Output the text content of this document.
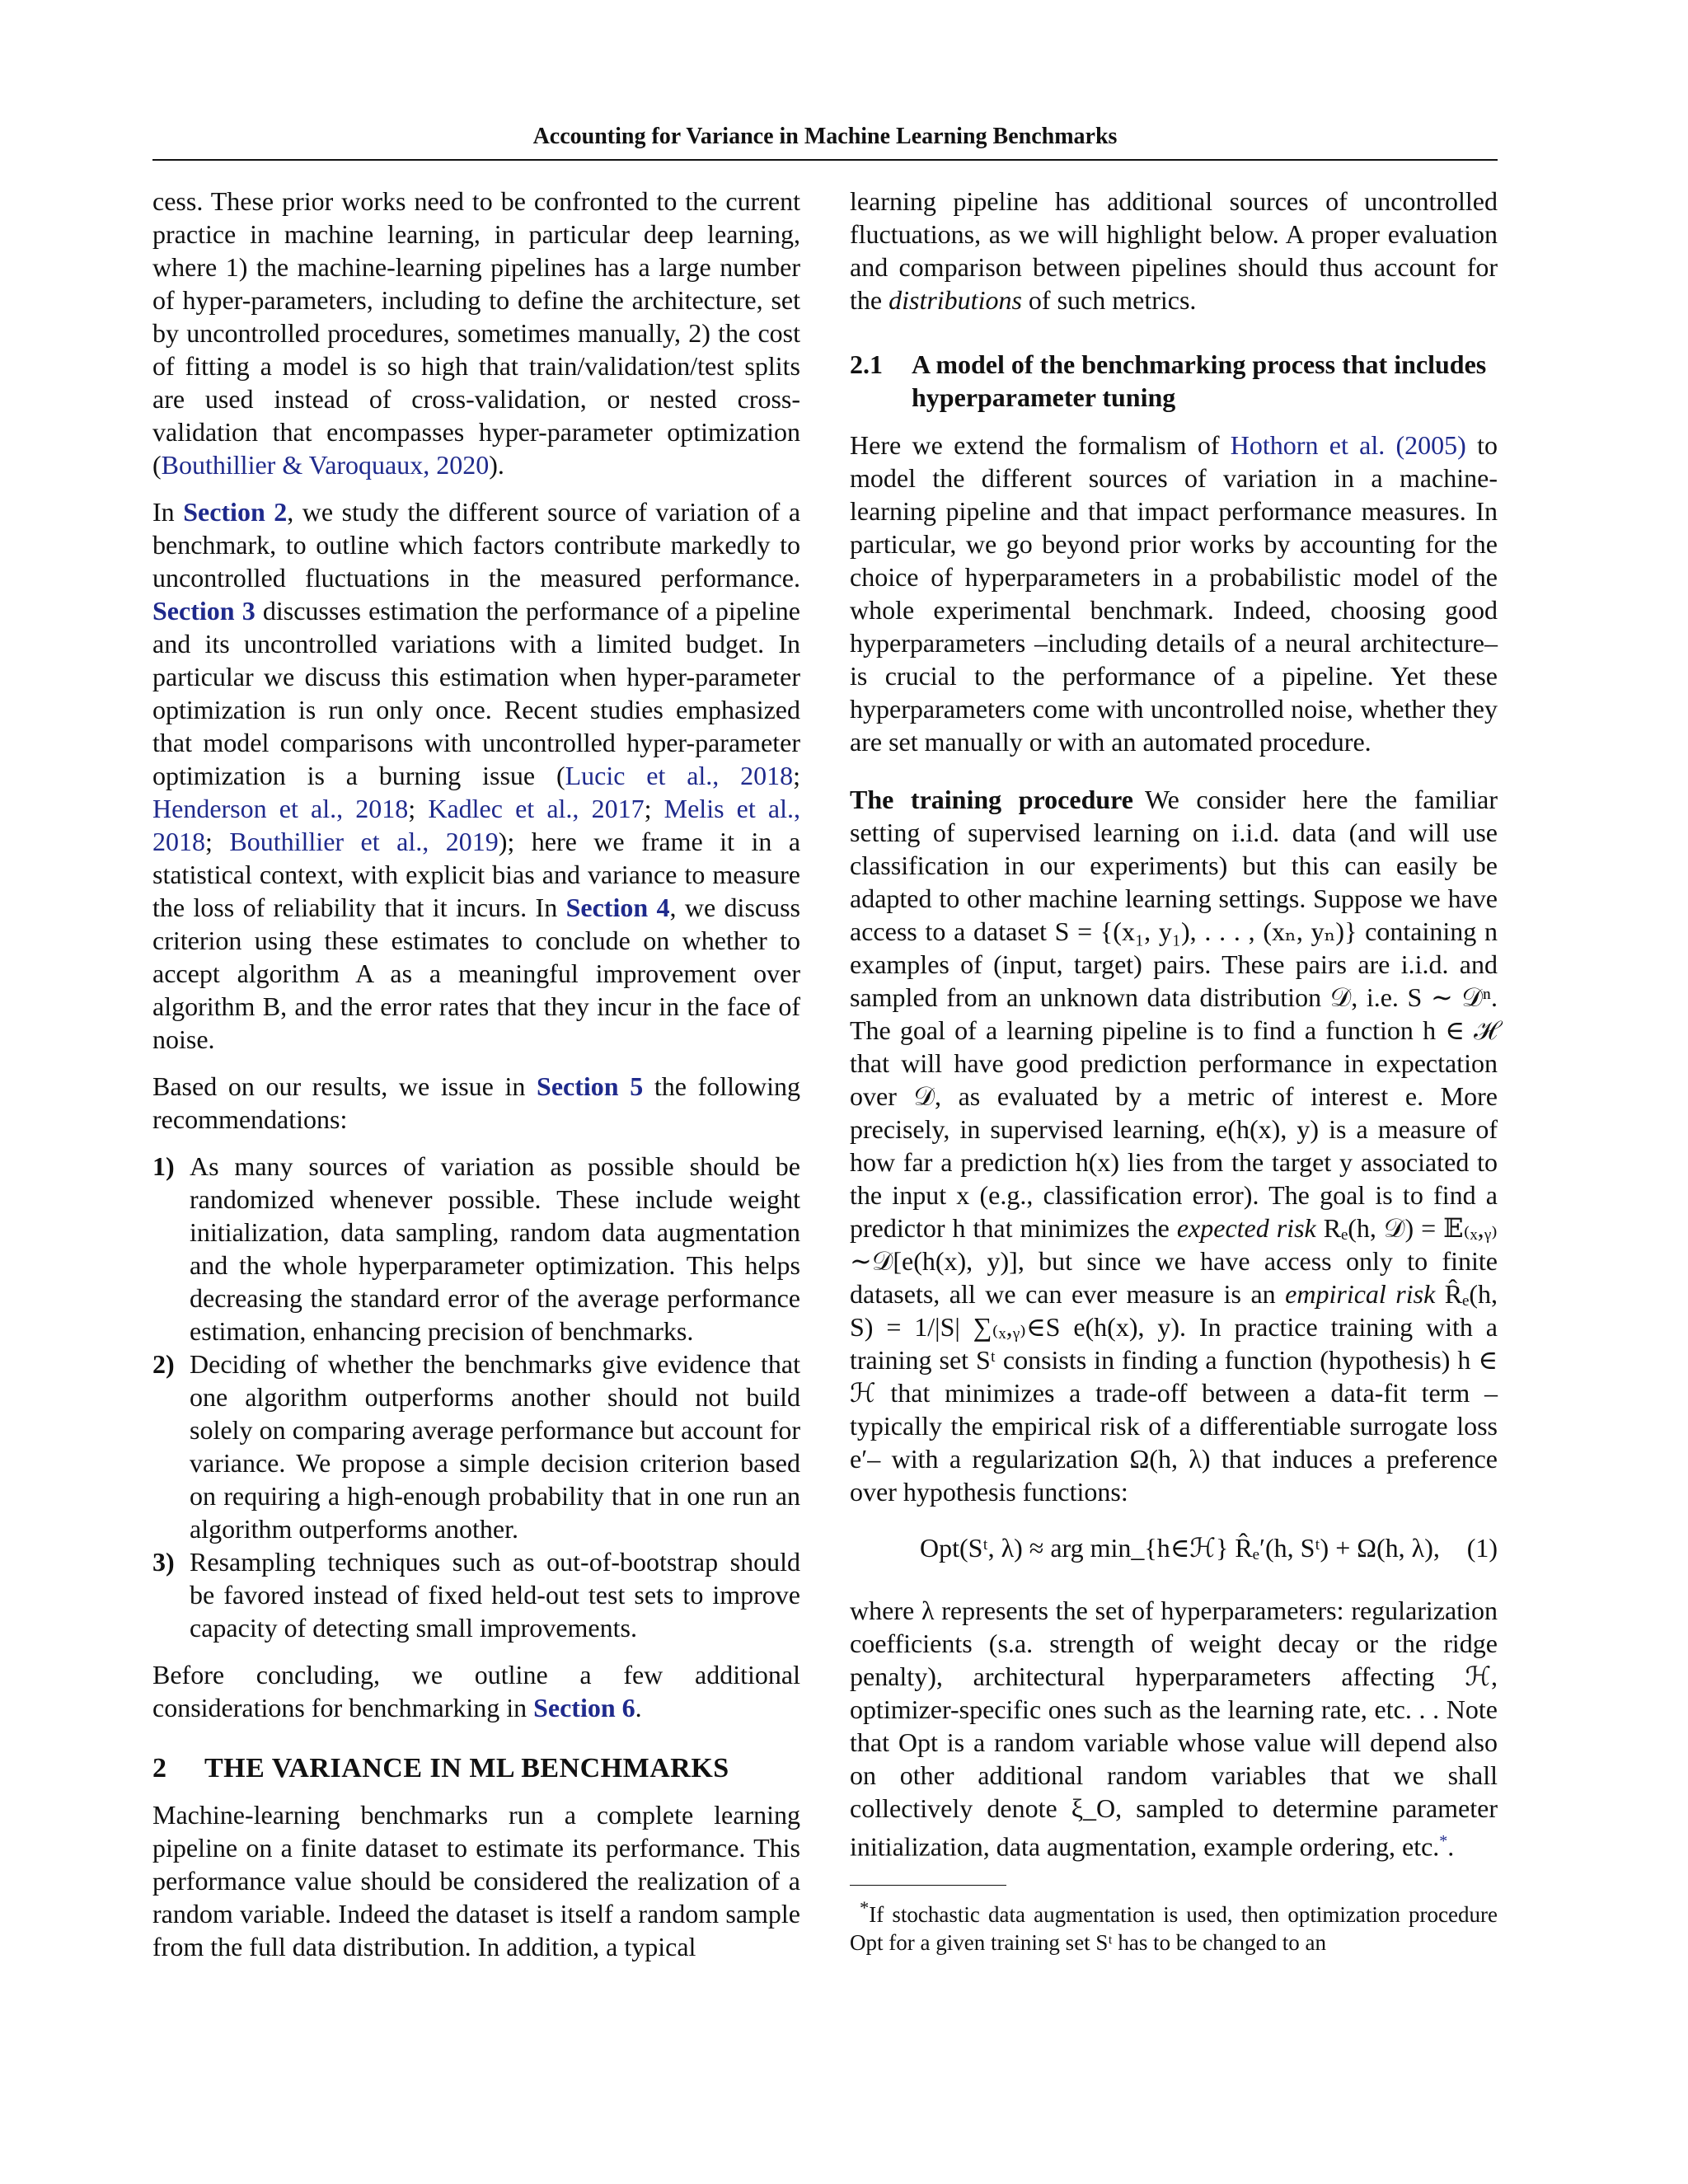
Accounting for Variance in Machine Learning Benchmarks

cess. These prior works need to be confronted to the current practice in machine learning, in particular deep learning, where 1) the machine-learning pipelines has a large number of hyper-parameters, including to define the architecture, set by uncontrolled procedures, sometimes manually, 2) the cost of fitting a model is so high that train/validation/test splits are used instead of cross-validation, or nested cross-validation that encompasses hyper-parameter optimization (Bouthillier & Varoquaux, 2020).

In Section 2, we study the different source of variation of a benchmark, to outline which factors contribute markedly to uncontrolled fluctuations in the measured performance. Section 3 discusses estimation the performance of a pipeline and its uncontrolled variations with a limited budget. In particular we discuss this estimation when hyper-parameter optimization is run only once. Recent studies emphasized that model comparisons with uncontrolled hyper-parameter optimization is a burning issue (Lucic et al., 2018; Henderson et al., 2018; Kadlec et al., 2017; Melis et al., 2018; Bouthillier et al., 2019); here we frame it in a statistical context, with explicit bias and variance to measure the loss of reliability that it incurs. In Section 4, we discuss criterion using these estimates to conclude on whether to accept algorithm A as a meaningful improvement over algorithm B, and the error rates that they incur in the face of noise.

Based on our results, we issue in Section 5 the following recommendations:

1) As many sources of variation as possible should be randomized whenever possible. These include weight initialization, data sampling, random data augmentation and the whole hyperparameter optimization. This helps decreasing the standard error of the average performance estimation, enhancing precision of benchmarks.
2) Deciding of whether the benchmarks give evidence that one algorithm outperforms another should not build solely on comparing average performance but account for variance. We propose a simple decision criterion based on requiring a high-enough probability that in one run an algorithm outperforms another.
3) Resampling techniques such as out-of-bootstrap should be favored instead of fixed held-out test sets to improve capacity of detecting small improvements.

Before concluding, we outline a few additional considerations for benchmarking in Section 6.

2 THE VARIANCE IN ML BENCHMARKS

Machine-learning benchmarks run a complete learning pipeline on a finite dataset to estimate its performance. This performance value should be considered the realization of a random variable. Indeed the dataset is itself a random sample from the full data distribution. In addition, a typical

learning pipeline has additional sources of uncontrolled fluctuations, as we will highlight below. A proper evaluation and comparison between pipelines should thus account for the distributions of such metrics.

2.1 A model of the benchmarking process that includes hyperparameter tuning

Here we extend the formalism of Hothorn et al. (2005) to model the different sources of variation in a machine-learning pipeline and that impact performance measures. In particular, we go beyond prior works by accounting for the choice of hyperparameters in a probabilistic model of the whole experimental benchmark. Indeed, choosing good hyperparameters –including details of a neural architecture– is crucial to the performance of a pipeline. Yet these hyperparameters come with uncontrolled noise, whether they are set manually or with an automated procedure.

The training procedure We consider here the familiar setting of supervised learning on i.i.d. data (and will use classification in our experiments) but this can easily be adapted to other machine learning settings. Suppose we have access to a dataset S = {(x₁, y₁), . . . , (xₙ, yₙ)} containing n examples of (input, target) pairs. These pairs are i.i.d. and sampled from an unknown data distribution 𝒟, i.e. S ∼ 𝒟ⁿ. The goal of a learning pipeline is to find a function h ∈ ℋ that will have good prediction performance in expectation over 𝒟, as evaluated by a metric of interest e. More precisely, in supervised learning, e(h(x), y) is a measure of how far a prediction h(x) lies from the target y associated to the input x (e.g., classification error). The goal is to find a predictor h that minimizes the expected risk Rₑ(h, 𝒟) = 𝔼₍ₓ,ᵧ₎∼𝒟[e(h(x), y)], but since we have access only to finite datasets, all we can ever measure is an empirical risk R̂ₑ(h, S) = 1/|S| ∑₍ₓ,ᵧ₎∈S e(h(x), y). In practice training with a training set Sᵗ consists in finding a function (hypothesis) h ∈ ℋ that minimizes a trade-off between a data-fit term –typically the empirical risk of a differentiable surrogate loss e′– with a regularization Ω(h, λ) that induces a preference over hypothesis functions:

Opt(Sᵗ, λ) ≈ arg min_{h∈ℋ} R̂ₑ′(h, Sᵗ) + Ω(h, λ), (1)

where λ represents the set of hyperparameters: regularization coefficients (s.a. strength of weight decay or the ridge penalty), architectural hyperparameters affecting ℋ, optimizer-specific ones such as the learning rate, etc. . . Note that Opt is a random variable whose value will depend also on other additional random variables that we shall collectively denote ξ_O, sampled to determine parameter initialization, data augmentation, example ordering, etc.*.

*If stochastic data augmentation is used, then optimization procedure Opt for a given training set Sᵗ has to be changed to an
